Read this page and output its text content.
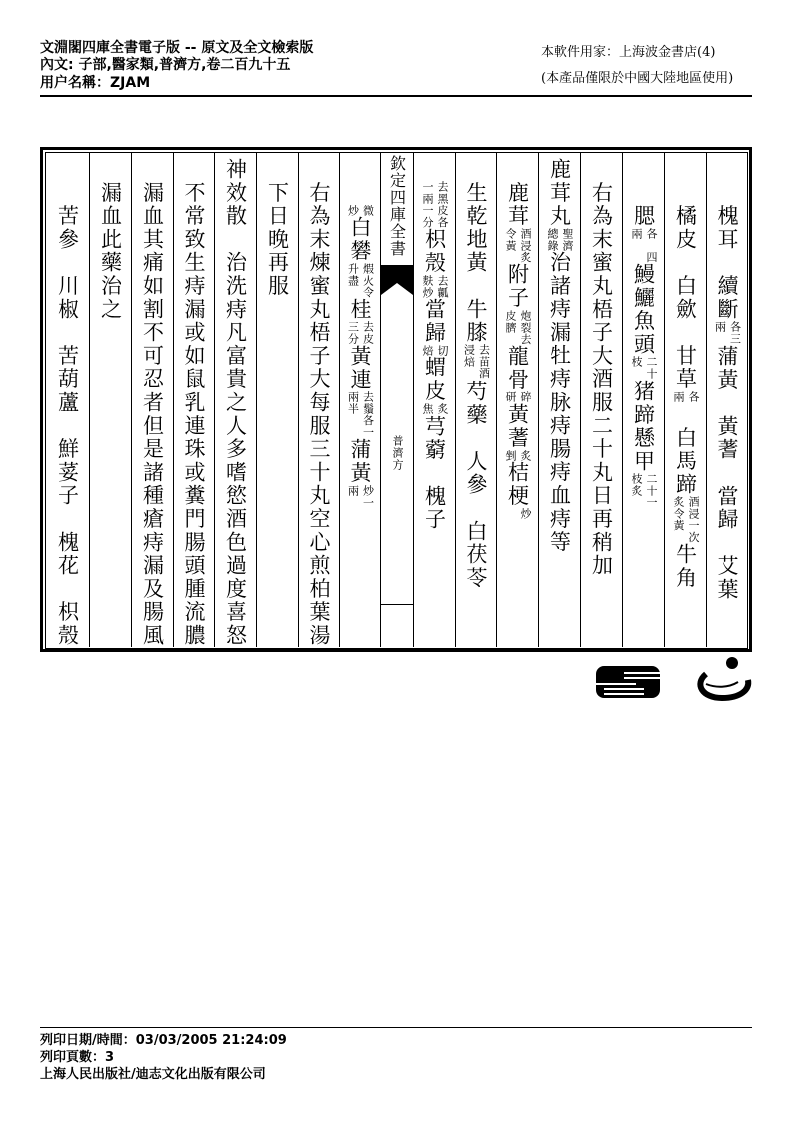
文淵閣四庫全書電子版 -- 原文及全文檢索版
內文: 子部,醫家類,普濟方,卷二百九十五
用户名稱：ZJAM
本軟件用家：上海波金書店(4)
(本產品僅限於中國大陸地區使用)
　　槐耳　續斷
各三
兩
蒲黃　黃蓍　當歸　艾葉
　　橘皮　白歛　甘草
各
兩
　白馬蹄
酒浸一次
炙令黃
牛角
　　腮
各　四
兩
鰻鱺魚頭
二十
枝
猪蹄懸甲
二十一
枝炙
　右為末蜜丸梧子大酒服二十丸日再稍加
鹿茸丸
聖濟
總錄
治諸痔漏牡痔脉痔腸痔血痔等
　鹿茸
酒浸炙
令黃
附子
炮裂去
皮臍
龍骨
碎
研
黃蓍
炙
剉
桔梗
炒

　生乾地黃　牛膝
去苗酒
浸焙
芍藥　人參　白茯苓

去黑皮各
一兩一分
枳殼
去瓤
麩炒
當歸
切
焙
蝟皮
炙
焦
芎藭　槐子

微
炒
白礬
煆火令
升盡
桂
去皮
三分
黃連
去鬚各一
兩半
蒲黃
炒一
兩
　右為末煉蜜丸梧子大每服三十丸空心煎柏葉湯
　下日晚再服
神效散　治洗痔凡富貴之人多嗜慾酒色過度喜怒
　不常致生痔漏或如鼠乳連珠或糞門腸頭腫流膿
　漏血其痛如割不可忍者但是諸種瘡痔漏及腸風
　漏血此藥治之
　　苦參　川椒　苦葫蘆　鮮荽子　槐花　枳殼	欽定四庫全書
普濟方
列印日期/時間：03/03/2005 21:24:09
列印頁數：3
上海人民出版社/迪志文化出版有限公司
